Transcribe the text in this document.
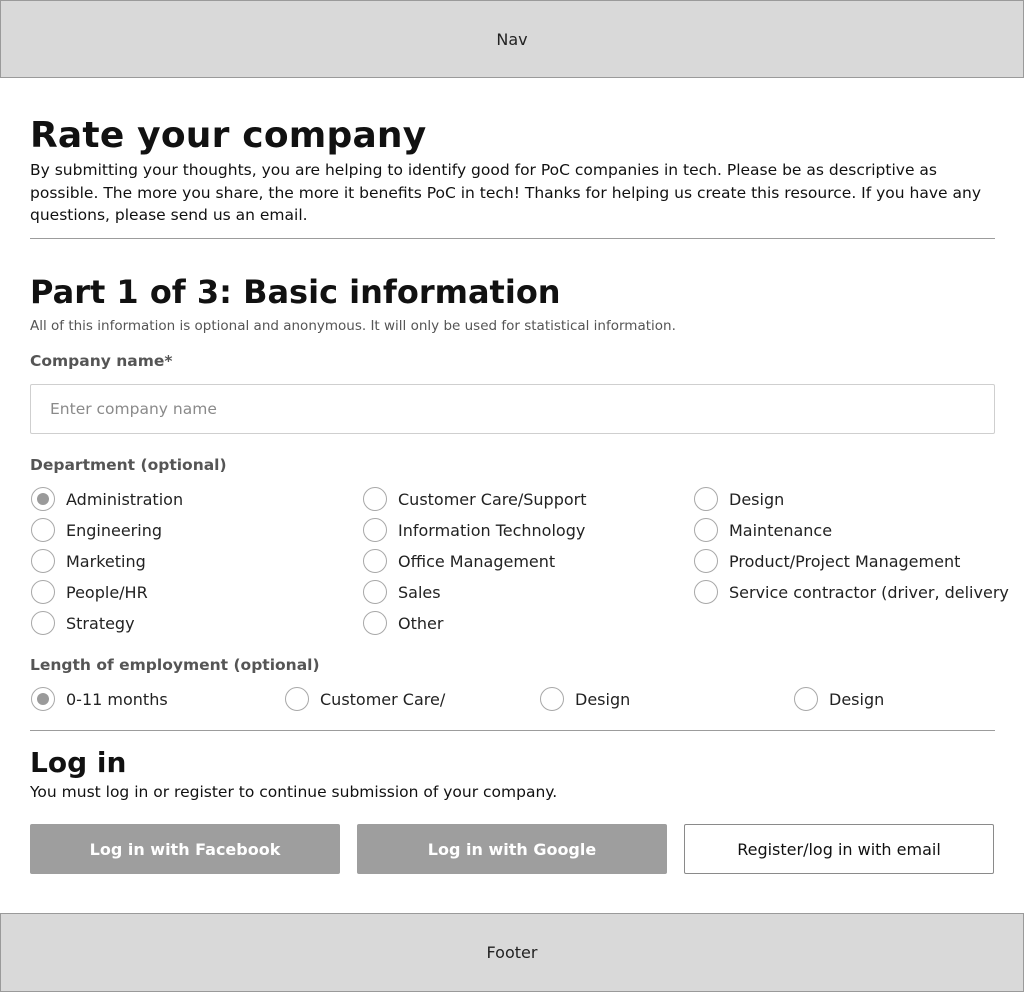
Nav
Rate your company

By submitting your thoughts, you are helping to identify good for PoC companies in tech. Please be as descriptive as possible. The more you share, the more it benefits PoC in tech! Thanks for helping us create this resource. If you have any questions, please send us an email.

Part 1 of 3: Basic information

All of this information is optional and anonymous. It will only be used for statistical information.

Company name*
Enter company name
Department (optional)
Administration	Customer Care/Support	Design
Engineering	Information Technology	Maintenance
Marketing	Office Management	Product/Project Management
People/HR	Sales	Service contractor (driver, delivery
Strategy	Other
Length of employment (optional)
0-11 months	Customer Care/	Design	Design
Log in

You must log in or register to continue submission of your company.

Log in with Facebook	Log in with Google	Register/log in with email
Footer
